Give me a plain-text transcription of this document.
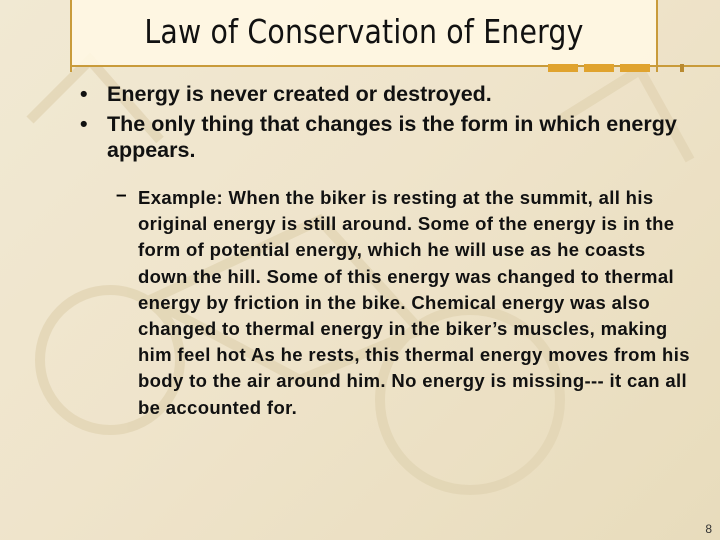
Law of Conservation of Energy
• Energy is never created or destroyed.
• The only thing that changes is the form in which energy appears.
– Example: When the biker is resting at the summit, all his original energy is still around. Some of the energy is in the form of potential energy, which he will use as he coasts down the hill. Some of this energy was changed to thermal energy by friction in the bike. Chemical energy was also changed to thermal energy in the biker’s muscles, making him feel hot As he rests, this thermal energy moves from his body to the air around him. No energy is missing--- it can all be accounted for.
8
